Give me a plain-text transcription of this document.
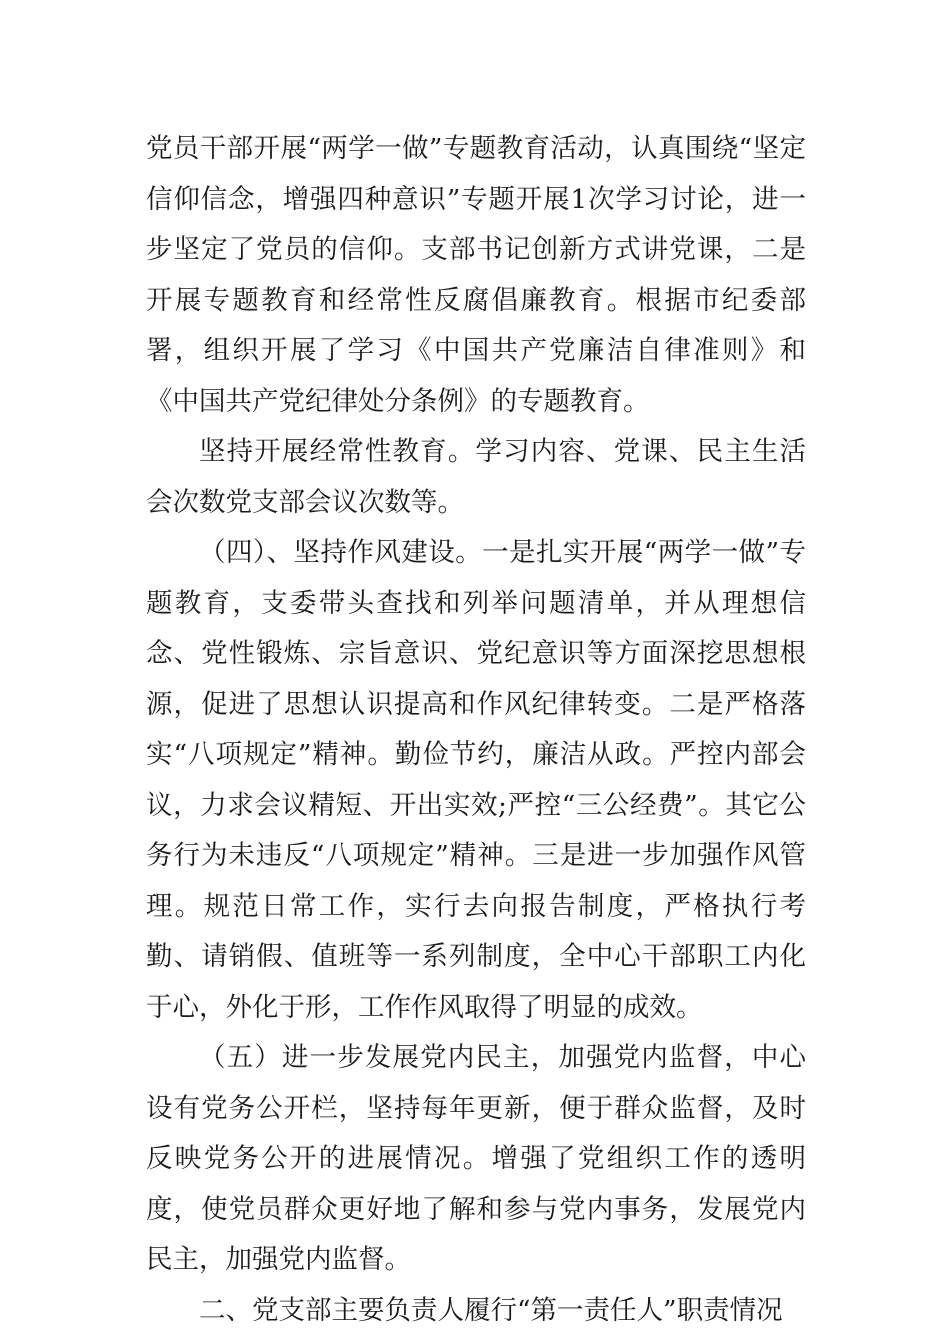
党员干部开展“两学一做”专题教育活动，认真围绕“坚定信仰信念，增强四种意识”专题开展1次学习讨论，进一步坚定了党员的信仰。支部书记创新方式讲党课，二是开展专题教育和经常性反腐倡廉教育。根据市纪委部署，组织开展了学习《中国共产党廉洁自律准则》和《中国共产党纪律处分条例》的专题教育。

坚持开展经常性教育。学习内容、党课、民主生活会次数党支部会议次数等。

（四）、坚持作风建设。一是扎实开展“两学一做”专题教育，支委带头查找和列举问题清单，并从理想信念、党性锻炼、宗旨意识、党纪意识等方面深挖思想根源，促进了思想认识提高和作风纪律转变。二是严格落实“八项规定”精神。勤俭节约，廉洁从政。严控内部会议，力求会议精短、开出实效;严控“三公经费”。其它公务行为未违反“八项规定”精神。三是进一步加强作风管理。规范日常工作，实行去向报告制度，严格执行考勤、请销假、值班等一系列制度，全中心干部职工内化于心，外化于形，工作作风取得了明显的成效。

（五）进一步发展党内民主，加强党内监督，中心设有党务公开栏，坚持每年更新，便于群众监督，及时反映党务公开的进展情况。增强了党组织工作的透明度，使党员群众更好地了解和参与党内事务，发展党内民主，加强党内监督。

二、党支部主要负责人履行“第一责任人”职责情况
